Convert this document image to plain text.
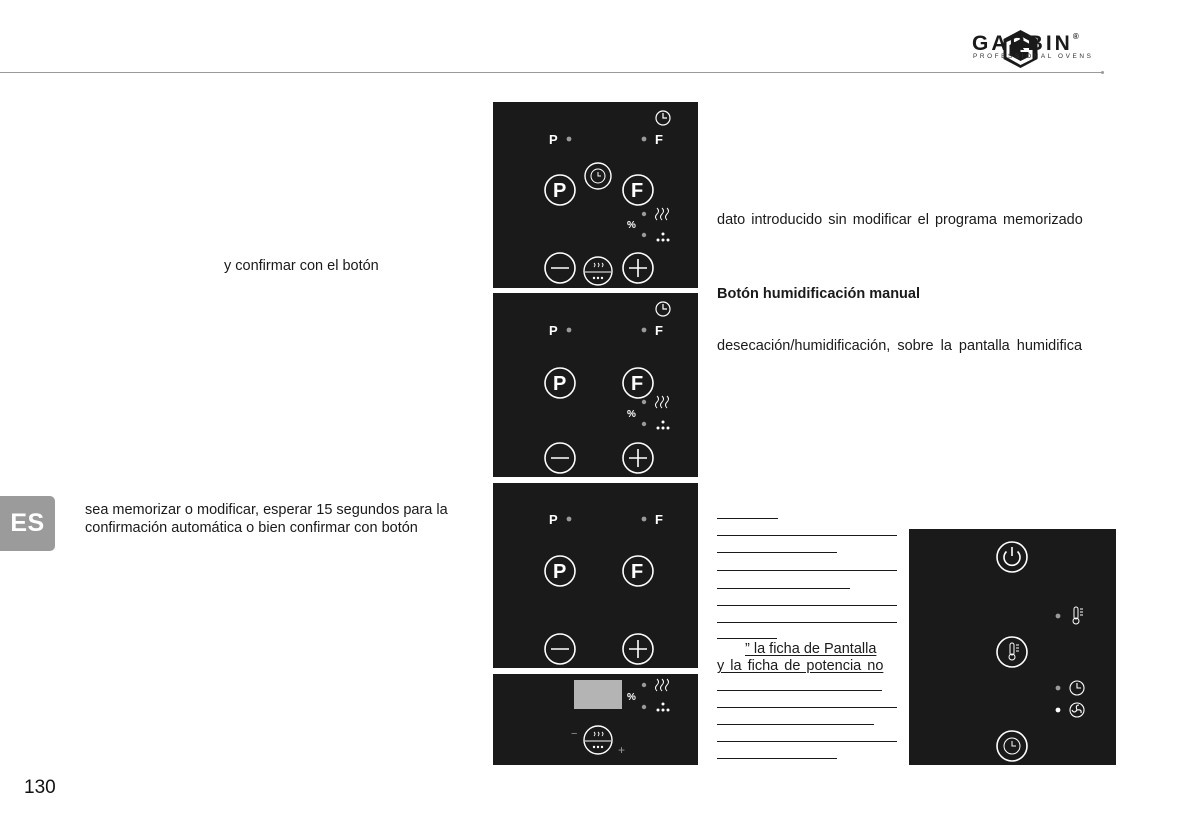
GARBIN®
PROFESSIONAL OVENS
y confirmar con el botón
sea memorizar o modificar, esperar 15 segundos para la
confirmación automática o bien confirmar con botón
ES
130
P	F
P	F
%
P	F
P	F
%
P	F
P	F
%
−
+
dato introducido sin modificar el programa memorizado
Botón humidificación manual
desecación/humidificación, sobre la pantalla humidifica
” la ficha de Pantalla
y la ficha de potencia no
